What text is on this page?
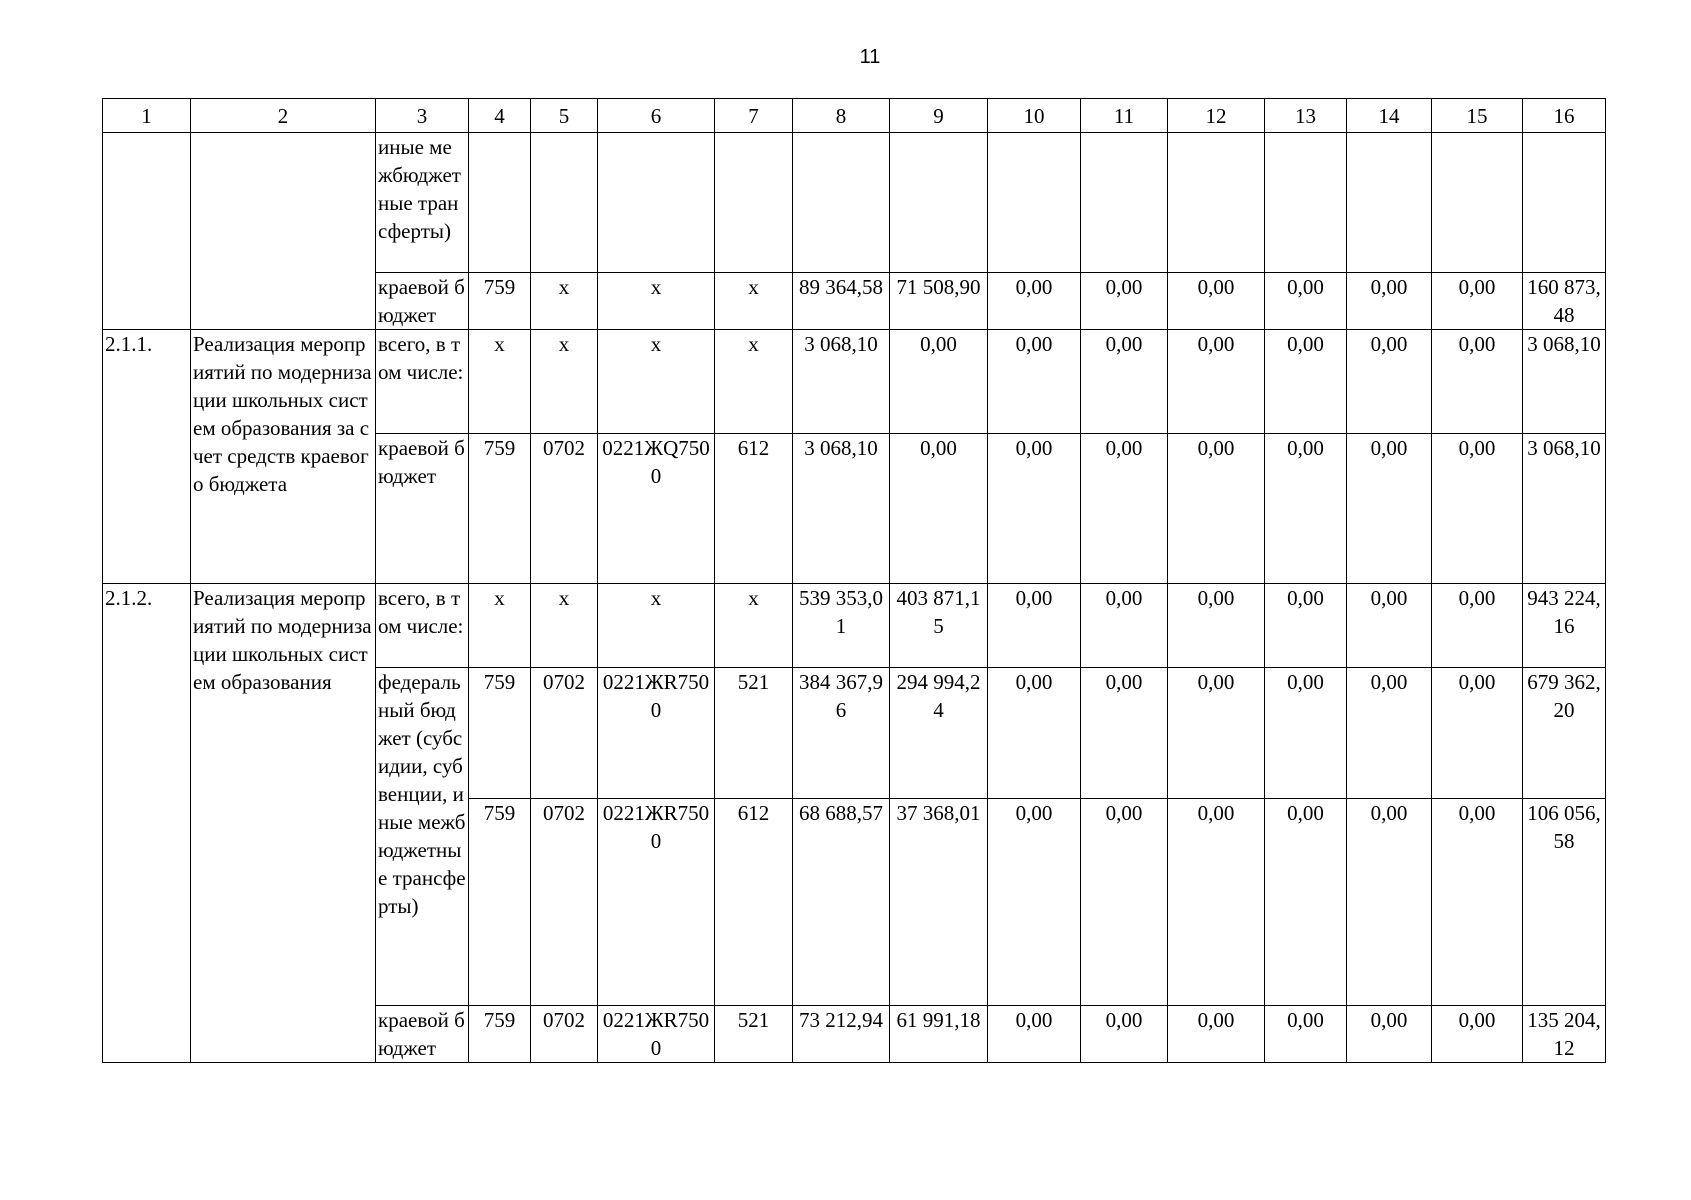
11
1	2	3	4	5	6	7	8	9	10	11	12	13	14	15	16
		иные межбюджетные трансферты)													
		краевой бюджет	759	х	х	х	89 364,58	71 508,90	0,00	0,00	0,00	0,00	0,00	0,00	160 873,48
2.1.1.	Реализация мероприятий по модернизации школьных систем образования за счет средств краевого бюджета	всего, в том числе:	х	х	х	х	3 068,10	0,00	0,00	0,00	0,00	0,00	0,00	0,00	3 068,10
		краевой бюджет	759	0702	0221ЖQ7500	612	3 068,10	0,00	0,00	0,00	0,00	0,00	0,00	0,00	3 068,10
2.1.2.	Реализация мероприятий по модернизации школьных систем образования	всего, в том числе:	х	х	х	х	539 353,01	403 871,15	0,00	0,00	0,00	0,00	0,00	0,00	943 224,16
		федеральный бюджет (субсидии, субвенции, иные межбюджетные трансферты)	759	0702	0221ЖR7500	521	384 367,96	294 994,24	0,00	0,00	0,00	0,00	0,00	0,00	679 362,20
			759	0702	0221ЖR7500	612	68 688,57	37 368,01	0,00	0,00	0,00	0,00	0,00	0,00	106 056,58
		краевой бюджет	759	0702	0221ЖR7500	521	73 212,94	61 991,18	0,00	0,00	0,00	0,00	0,00	0,00	135 204,12
